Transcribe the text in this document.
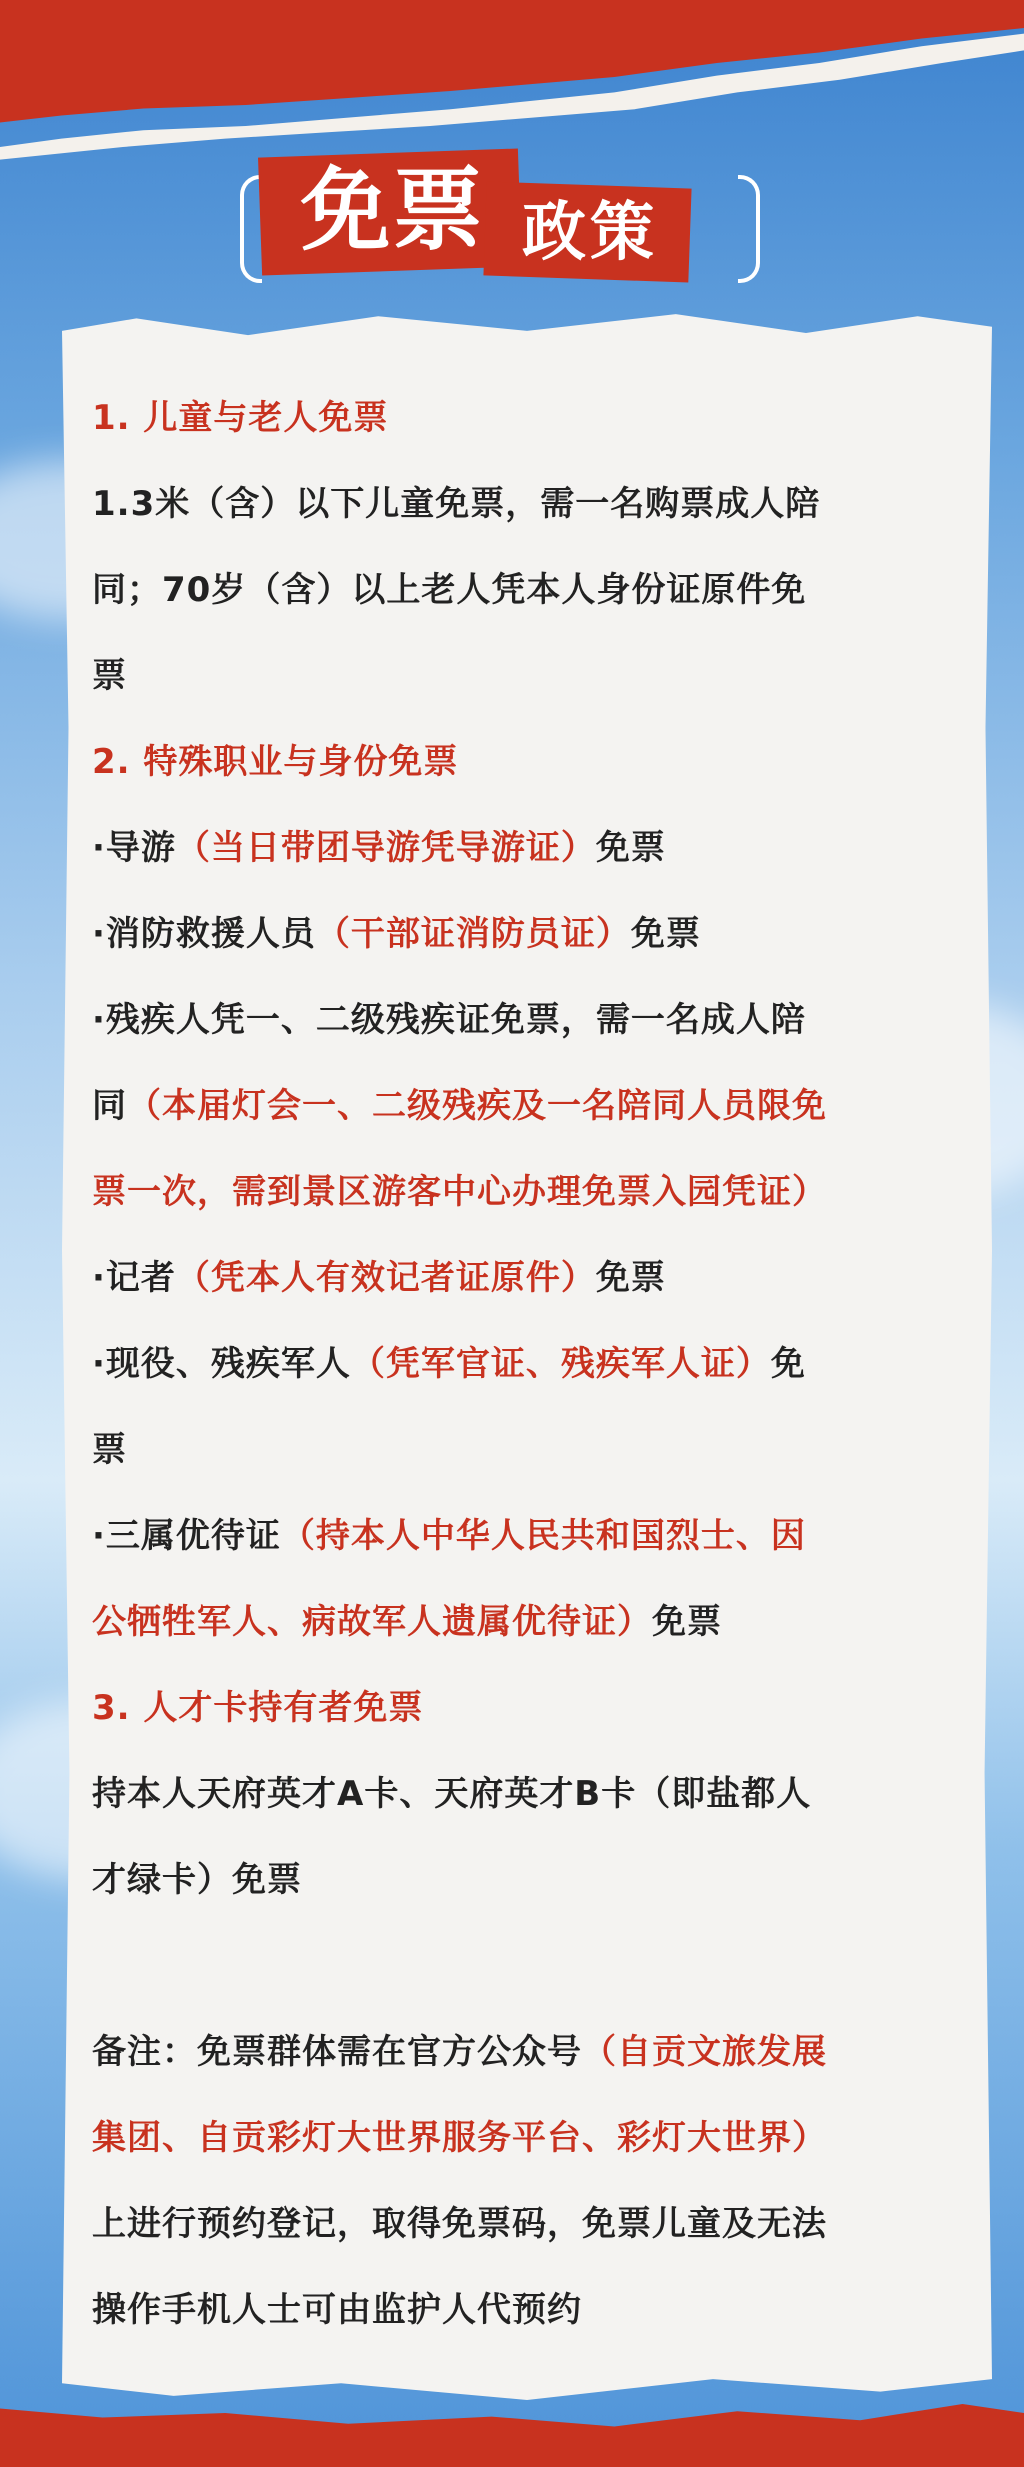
免票 政策

1. 儿童与老人免票

1.3米（含）以下儿童免票，需一名购票成人陪

同；70岁（含）以上老人凭本人身份证原件免

票

2. 特殊职业与身份免票

·导游（当日带团导游凭导游证）免票

·消防救援人员（干部证消防员证）免票

·残疾人凭一、二级残疾证免票，需一名成人陪

同（本届灯会一、二级残疾及一名陪同人员限免

票一次，需到景区游客中心办理免票入园凭证）

·记者（凭本人有效记者证原件）免票

·现役、残疾军人（凭军官证、残疾军人证）免

票

·三属优待证（持本人中华人民共和国烈士、因

公牺牲军人、病故军人遗属优待证）免票

3. 人才卡持有者免票

持本人天府英才A卡、天府英才B卡（即盐都人

才绿卡）免票

备注：免票群体需在官方公众号（自贡文旅发展

集团、自贡彩灯大世界服务平台、彩灯大世界）

上进行预约登记，取得免票码，免票儿童及无法

操作手机人士可由监护人代预约
